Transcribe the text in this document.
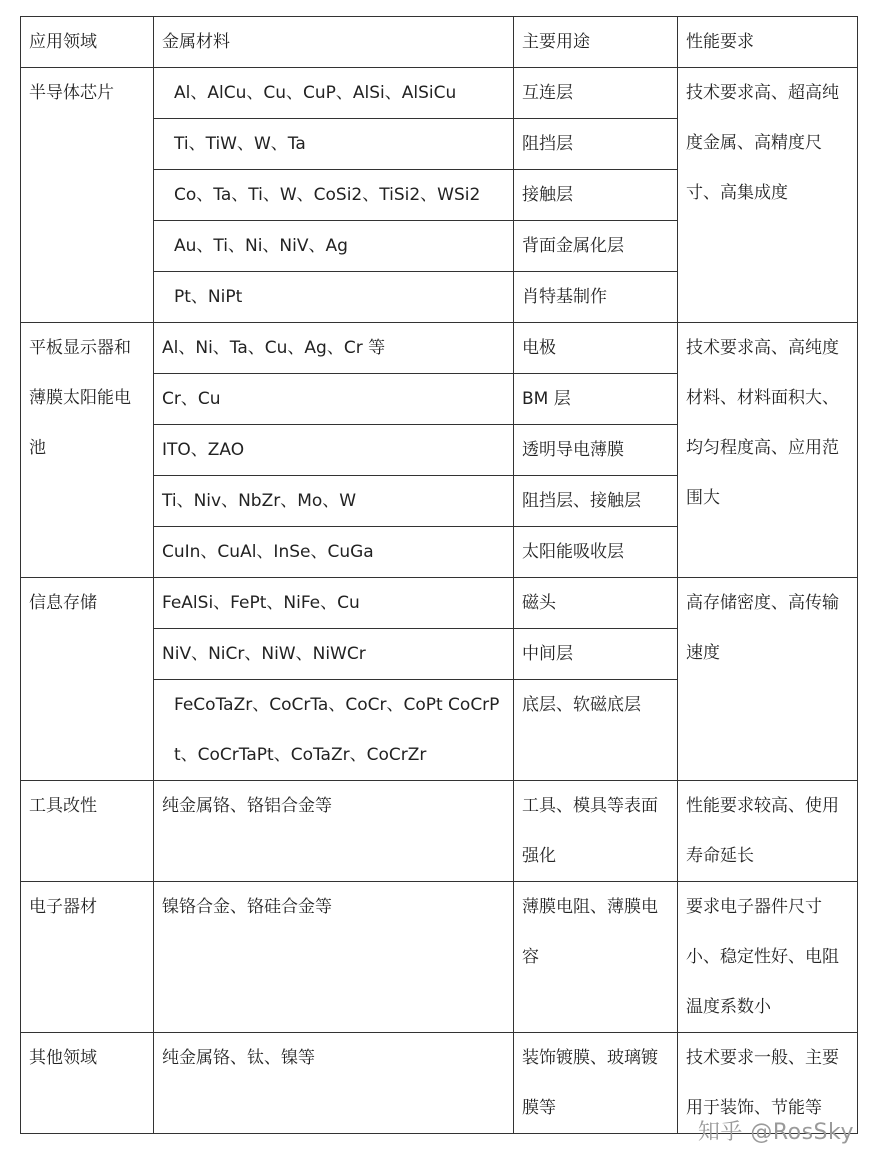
应用领域	金属材料	主要用途	性能要求
半导体芯片	Al、AlCu、Cu、CuP、AlSi、AlSiCu	互连层	技术要求高、超高纯度金属、高精度尺寸、高集成度

	Ti、TiW、W、Ta	阻挡层	
	Co、Ta、Ti、W、CoSi2、TiSi2、WSi2	接触层	
	Au、Ti、Ni、NiV、Ag	背面金属化层	
	Pt、NiPt	肖特基制作	

平板显示器和薄膜太阳能电池	Al、Ni、Ta、Cu、Ag、Cr 等	电极	技术要求高、高纯度材料、材料面积大、均匀程度高、应用范围大

	Cr、Cu	BM 层	
	ITO、ZAO	透明导电薄膜	
	Ti、Niv、NbZr、Mo、W	阻挡层、接触层	
	CuIn、CuAl、InSe、CuGa	太阳能吸收层	
信息存储	FeAlSi、FePt、NiFe、Cu	磁头	高存储密度、高传输速度

	NiV、NiCr、NiW、NiWCr	中间层	

	FeCoTaZr、CoCrTa、CoCr、CoPt CoCrPt、CoCrTaPt、CoTaZr、CoCrZr	底层、软磁底层	
工具改性	纯金属铬、铬铝合金等	工具、模具等表面强化	性能要求较高、使用寿命延长

电子器材	镍铬合金、铬硅合金等	薄膜电阻、薄膜电容	要求电子器件尺寸小、稳定性好、电阻温度系数小

其他领域	纯金属铬、钛、镍等	装饰镀膜、玻璃镀膜等	技术要求一般、主要用于装饰、节能等
知乎 @RosSky
